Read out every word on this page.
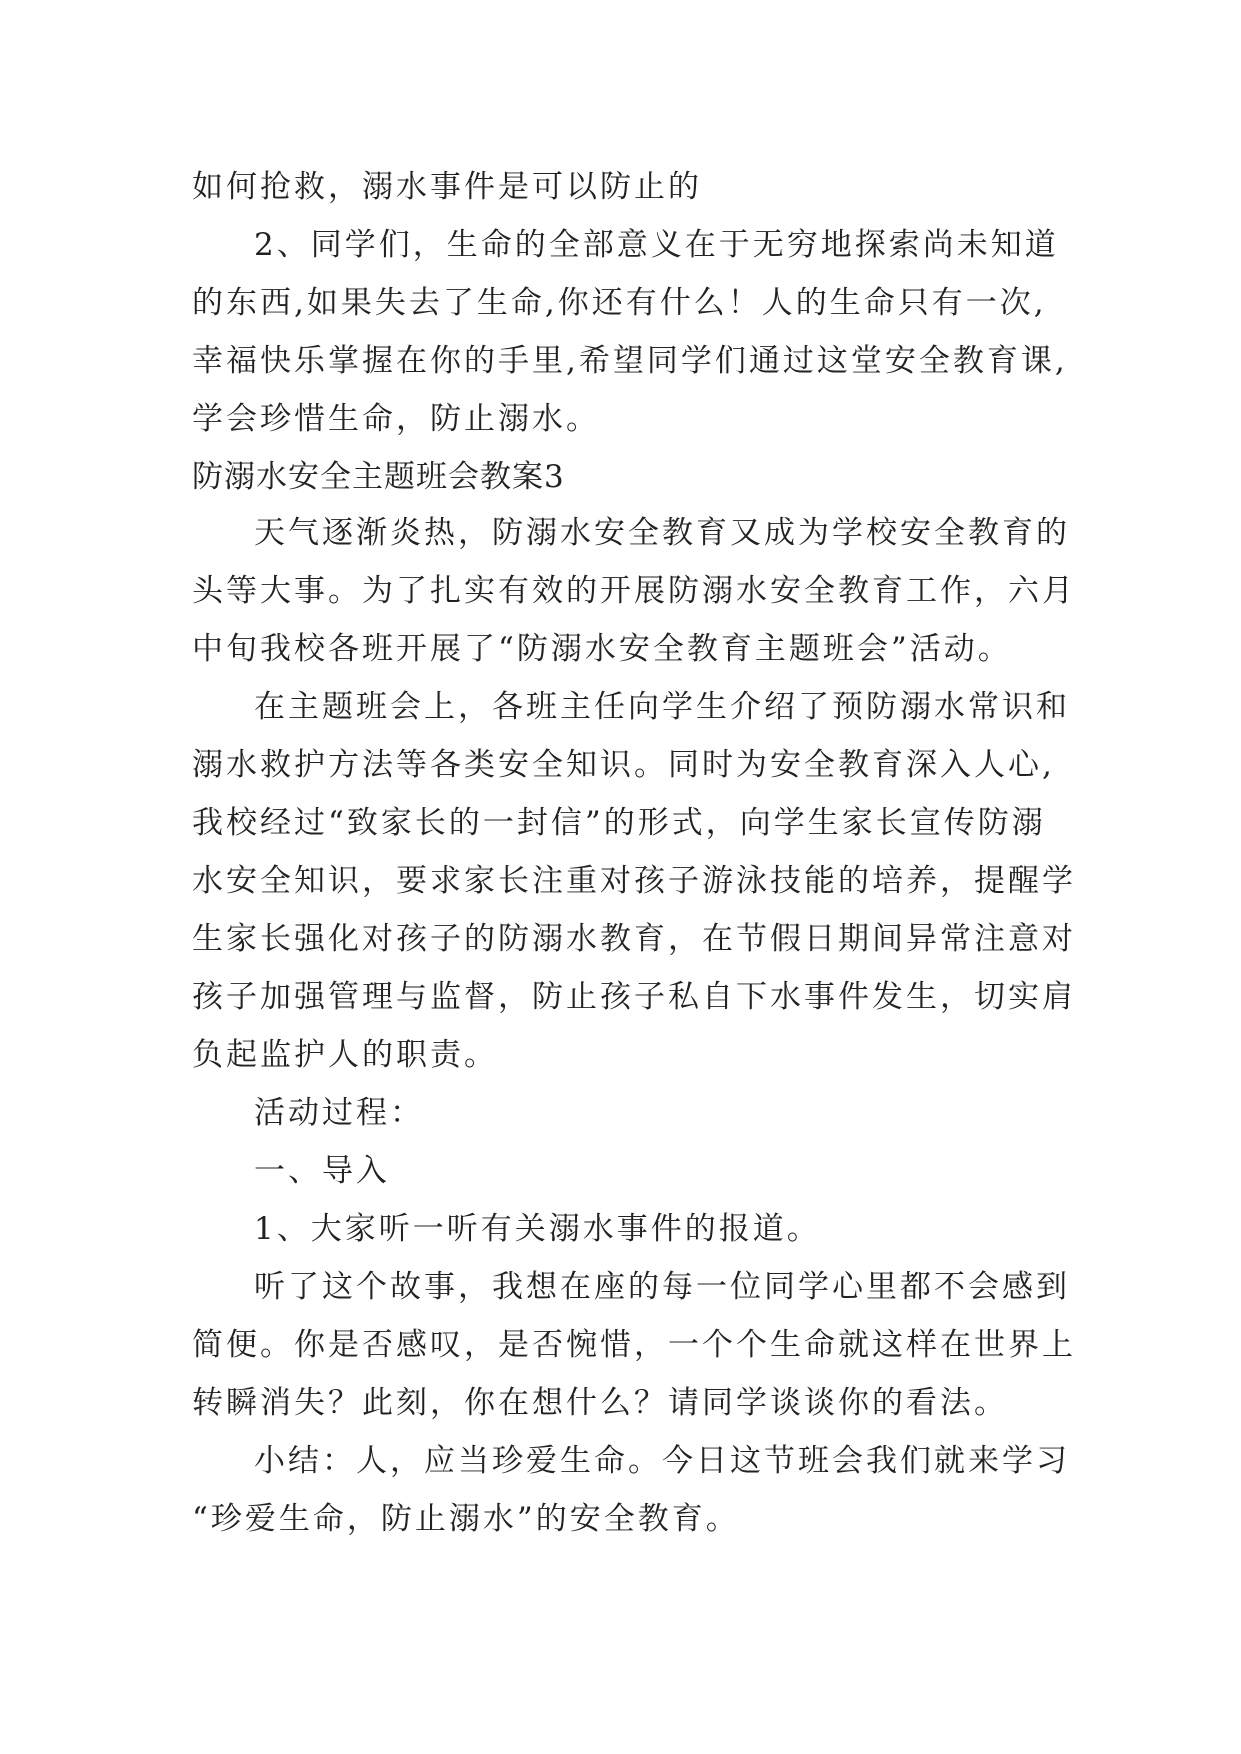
如何抢救，溺水事件是可以防止的
2、同学们，生命的全部意义在于无穷地探索尚未知道
的东西,如果失去了生命,你还有什么！人的生命只有一次,
幸福快乐掌握在你的手里,希望同学们通过这堂安全教育课,
学会珍惜生命，防止溺水。
防溺水安全主题班会教案3
天气逐渐炎热，防溺水安全教育又成为学校安全教育的
头等大事。为了扎实有效的开展防溺水安全教育工作，六月
中旬我校各班开展了“防溺水安全教育主题班会”活动。
在主题班会上，各班主任向学生介绍了预防溺水常识和
溺水救护方法等各类安全知识。同时为安全教育深入人心,
我校经过“致家长的一封信”的形式，向学生家长宣传防溺
水安全知识，要求家长注重对孩子游泳技能的培养，提醒学
生家长强化对孩子的防溺水教育，在节假日期间异常注意对
孩子加强管理与监督，防止孩子私自下水事件发生，切实肩
负起监护人的职责。
活动过程：
一、导入
1、大家听一听有关溺水事件的报道。
听了这个故事，我想在座的每一位同学心里都不会感到
简便。你是否感叹，是否惋惜，一个个生命就这样在世界上
转瞬消失？此刻，你在想什么？请同学谈谈你的看法。
小结：人，应当珍爱生命。今日这节班会我们就来学习
“珍爱生命，防止溺水”的安全教育。
